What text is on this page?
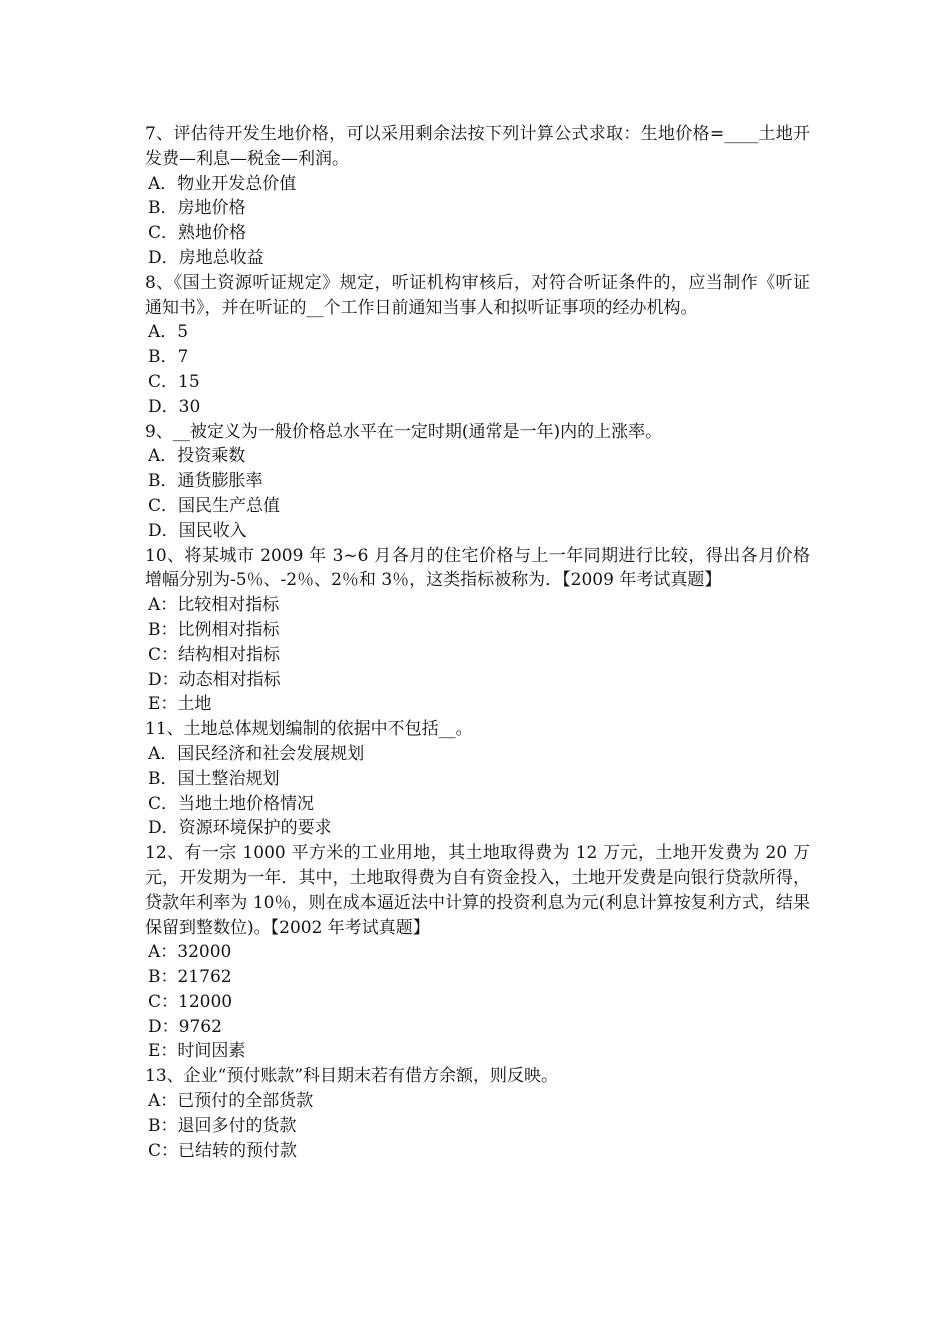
7、评估待开发生地价格，可以采用剩余法按下列计算公式求取：生地价格=____土地开发费—利息—税金—利润。

A．物业开发总价值

B．房地价格

C．熟地价格

D．房地总收益

8、《国土资源听证规定》规定，听证机构审核后，对符合听证条件的，应当制作《听证通知书》，并在听证的__个工作日前通知当事人和拟听证事项的经办机构。

A．5

B．7

C．15

D．30

9、__被定义为一般价格总水平在一定时期(通常是一年)内的上涨率。

A．投资乘数

B．通货膨胀率

C．国民生产总值

D．国民收入

10、将某城市 2009 年 3~6 月各月的住宅价格与上一年同期进行比较，得出各月价格增幅分别为-5％、-2％、2％和 3％，这类指标被称为．【2009 年考试真题】

A：比较相对指标

B：比例相对指标

C：结构相对指标

D：动态相对指标

E：土地

11、土地总体规划编制的依据中不包括__。

A．国民经济和社会发展规划

B．国土整治规划

C．当地土地价格情况

D．资源环境保护的要求

12、有一宗 1000 平方米的工业用地，其土地取得费为 12 万元，土地开发费为 20 万元，开发期为一年．其中，土地取得费为自有资金投入，土地开发费是向银行贷款所得，贷款年利率为 10％，则在成本逼近法中计算的投资利息为元(利息计算按复利方式，结果保留到整数位)。【2002 年考试真题】

A：32000

B：21762

C：12000

D：9762

E：时间因素

13、企业“预付账款”科目期末若有借方余额，则反映。

A：已预付的全部货款

B：退回多付的货款

C：已结转的预付款
